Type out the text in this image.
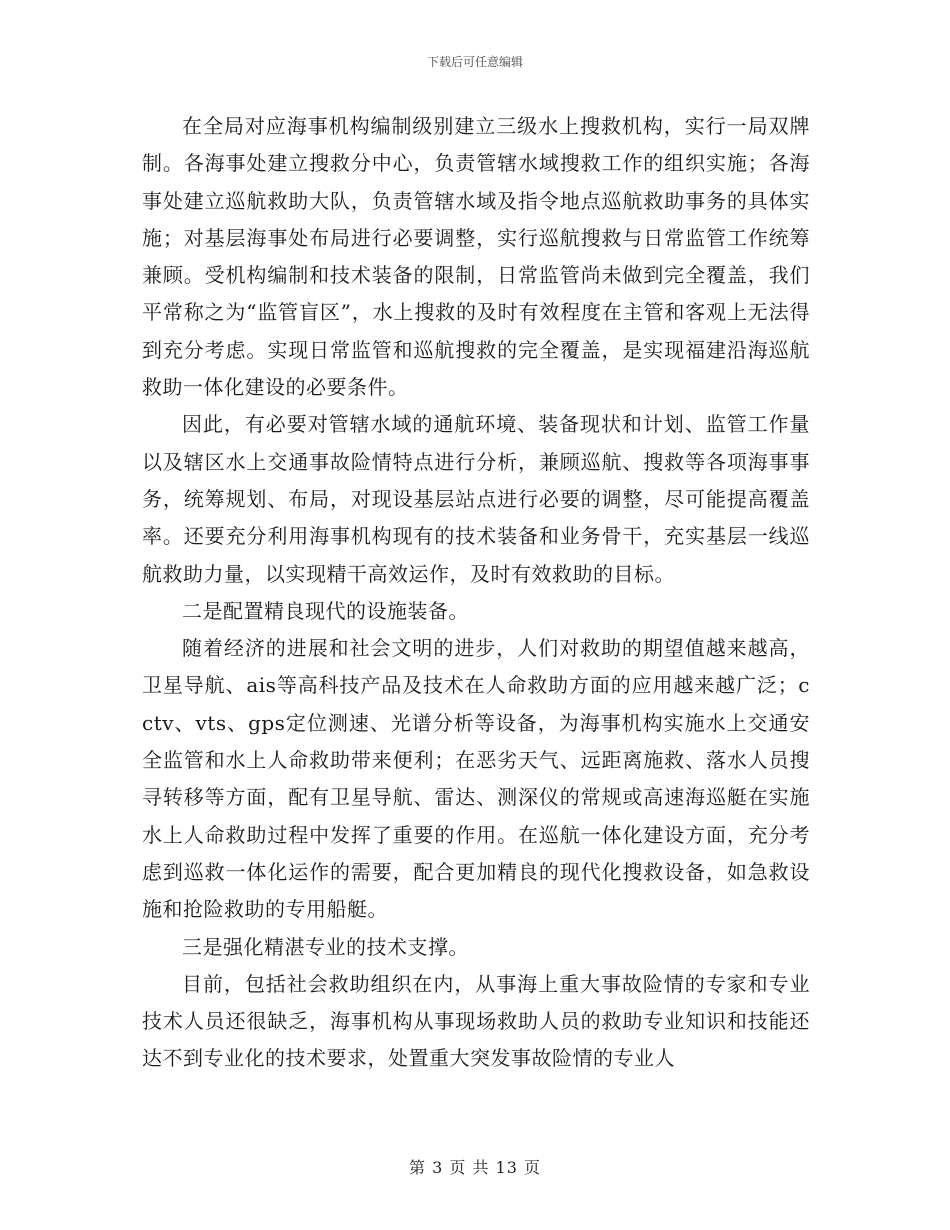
下载后可任意编辑

在全局对应海事机构编制级别建立三级水上搜救机构，实行一局双牌制。各海事处建立搜救分中心，负责管辖水域搜救工作的组织实施；各海事处建立巡航救助大队，负责管辖水域及指令地点巡航救助事务的具体实施；对基层海事处布局进行必要调整，实行巡航搜救与日常监管工作统筹兼顾。受机构编制和技术装备的限制，日常监管尚未做到完全覆盖，我们平常称之为“监管盲区”，水上搜救的及时有效程度在主管和客观上无法得到充分考虑。实现日常监管和巡航搜救的完全覆盖，是实现福建沿海巡航救助一体化建设的必要条件。

因此，有必要对管辖水域的通航环境、装备现状和计划、监管工作量以及辖区水上交通事故险情特点进行分析，兼顾巡航、搜救等各项海事事务，统筹规划、布局，对现设基层站点进行必要的调整，尽可能提高覆盖率。还要充分利用海事机构现有的技术装备和业务骨干，充实基层一线巡航救助力量，以实现精干高效运作，及时有效救助的目标。

二是配置精良现代的设施装备。

随着经济的进展和社会文明的进步，人们对救助的期望值越来越高，卫星导航、ais等高科技产品及技术在人命救助方面的应用越来越广泛；cctv、vts、gps定位测速、光谱分析等设备，为海事机构实施水上交通安全监管和水上人命救助带来便利；在恶劣天气、远距离施救、落水人员搜寻转移等方面，配有卫星导航、雷达、测深仪的常规或高速海巡艇在实施水上人命救助过程中发挥了重要的作用。在巡航一体化建设方面，充分考虑到巡救一体化运作的需要，配合更加精良的现代化搜救设备，如急救设施和抢险救助的专用船艇。

三是强化精湛专业的技术支撑。

目前，包括社会救助组织在内，从事海上重大事故险情的专家和专业技术人员还很缺乏，海事机构从事现场救助人员的救助专业知识和技能还达不到专业化的技术要求，处置重大突发事故险情的专业人

第 3 页 共 13 页
